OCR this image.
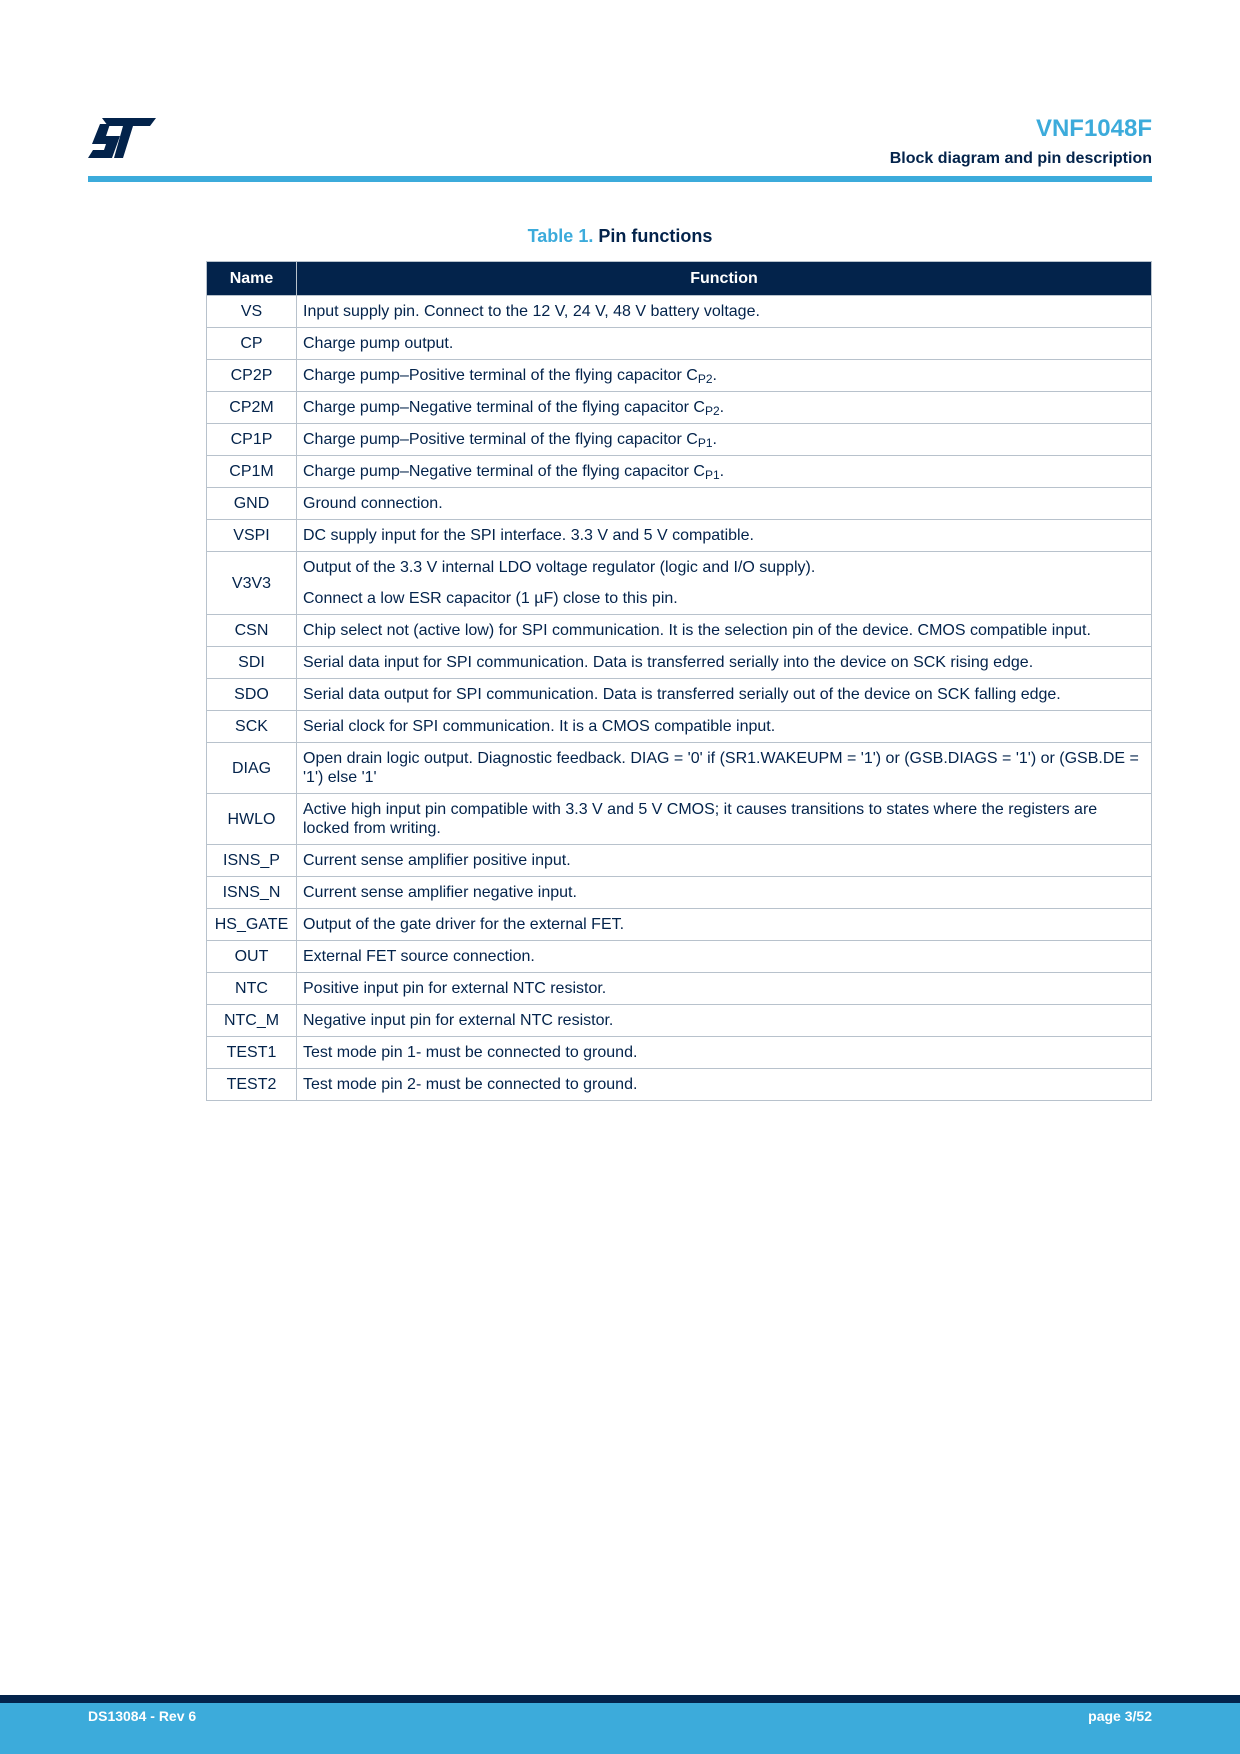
VNF1048F
Block diagram and pin description
Table 1. Pin functions
Name	Function
VS	Input supply pin. Connect to the 12 V, 24 V, 48 V battery voltage.

CP	Charge pump output.

CP2P	Charge pump–Positive terminal of the flying capacitor $C_{P2}$.

CP2M	Charge pump–Negative terminal of the flying capacitor $C_{P2}$.

CP1P	Charge pump–Positive terminal of the flying capacitor $C_{P1}$.

CP1M	Charge pump–Negative terminal of the flying capacitor $C_{P1}$.

GND	Ground connection.

VSPI	DC supply input for the SPI interface. 3.3 V and 5 V compatible.

V3V3	Output of the 3.3 V internal LDO voltage regulator (logic and I/O supply).

Connect a low ESR capacitor (1 µF) close to this pin.

CSN	Chip select not (active low) for SPI communication. It is the selection pin of the device. CMOS compatible input.

SDI	Serial data input for SPI communication. Data is transferred serially into the device on SCK rising edge.

SDO	Serial data output for SPI communication. Data is transferred serially out of the device on SCK falling edge.

SCK	Serial clock for SPI communication. It is a CMOS compatible input.

DIAG	Open drain logic output. Diagnostic feedback. DIAG = '0' if (SR1.WAKEUPM = '1') or (GSB.DIAGS = '1') or (GSB.DE = '1') else '1'

HWLO	Active high input pin compatible with 3.3 V and 5 V CMOS; it causes transitions to states where the registers are locked from writing.

ISNS_P	Current sense amplifier positive input.

ISNS_N	Current sense amplifier negative input.

HS_GATE	Output of the gate driver for the external FET.

OUT	External FET source connection.

NTC	Positive input pin for external NTC resistor.

NTC_M	Negative input pin for external NTC resistor.

TEST1	Test mode pin 1- must be connected to ground.

TEST2	Test mode pin 2- must be connected to ground.

DS13084 - Rev 6	page 3/52
